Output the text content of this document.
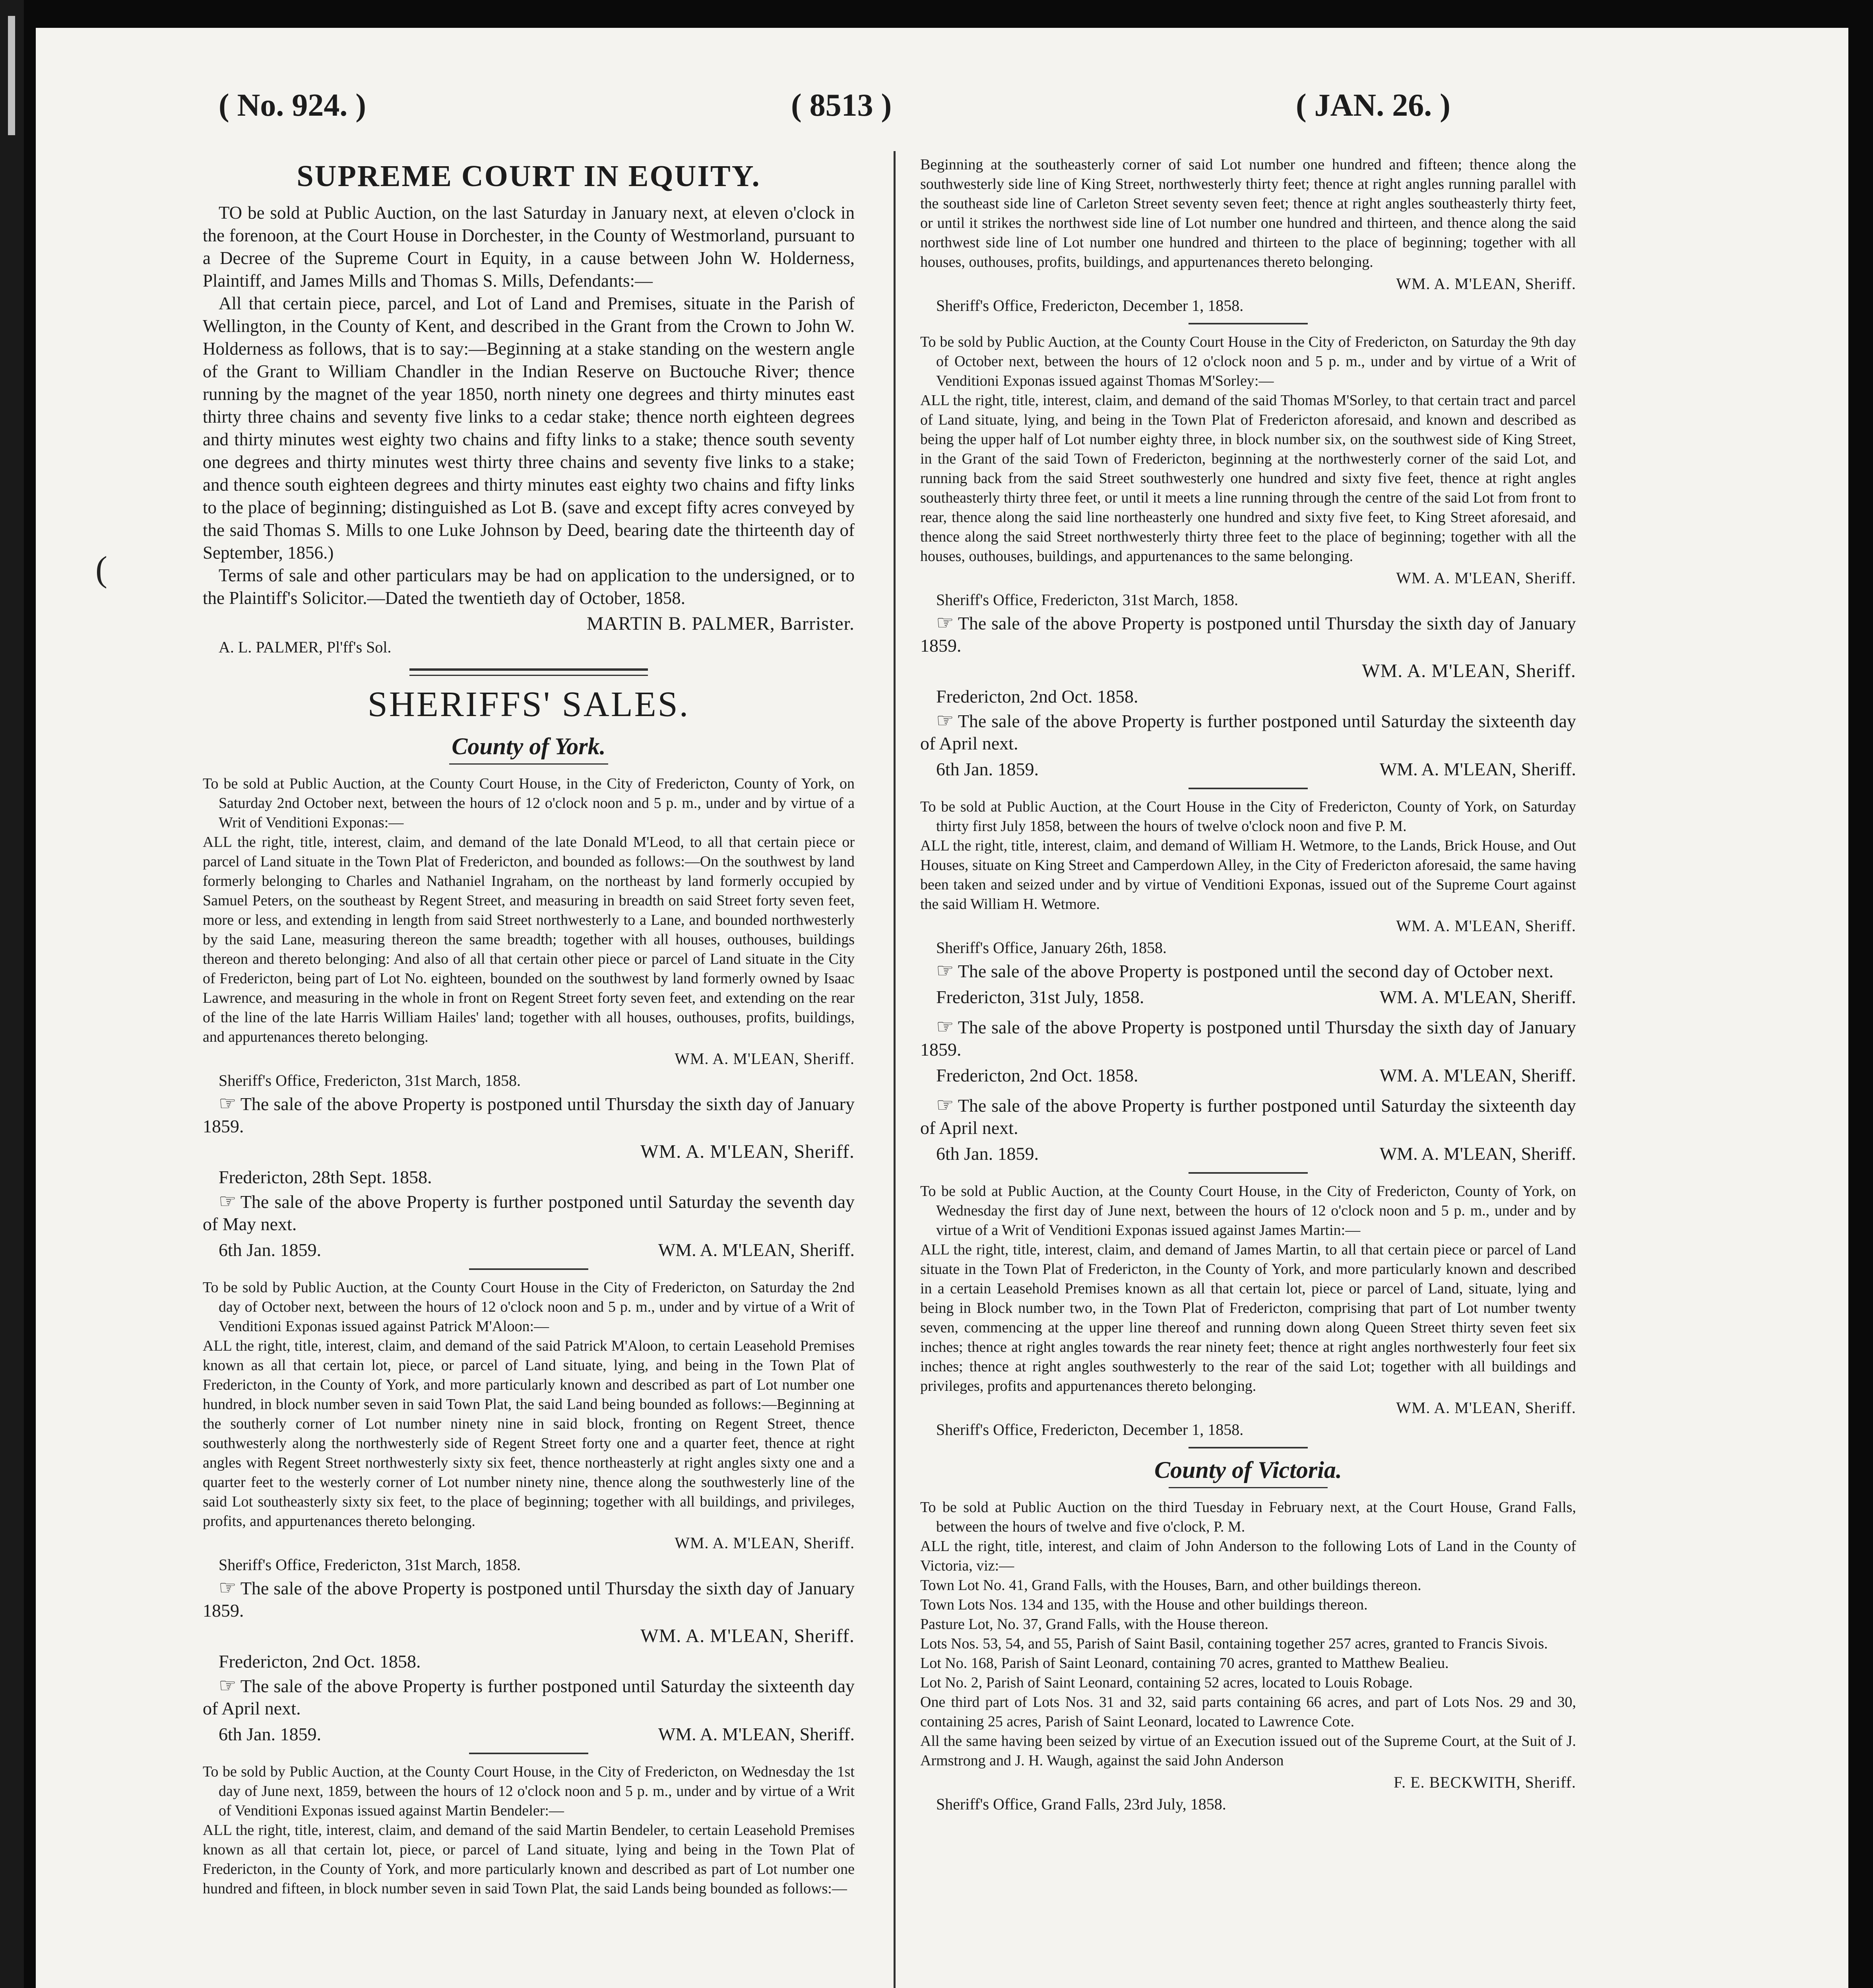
( No. 924. )	( 8513 )	( JAN. 26. )
(
SUPREME COURT IN EQUITY.

TO be sold at Public Auction, on the last Saturday in January next, at eleven o'clock in the forenoon, at the Court House in Dorchester, in the County of Westmorland, pursuant to a Decree of the Supreme Court in Equity, in a cause between John W. Holderness, Plaintiff, and James Mills and Thomas S. Mills, Defendants:—

All that certain piece, parcel, and Lot of Land and Premises, situate in the Parish of Wellington, in the County of Kent, and described in the Grant from the Crown to John W. Holderness as follows, that is to say:—Beginning at a stake standing on the western angle of the Grant to William Chandler in the Indian Reserve on Buctouche River; thence running by the magnet of the year 1850, north ninety one degrees and thirty minutes east thirty three chains and seventy five links to a cedar stake; thence north eighteen degrees and thirty minutes west eighty two chains and fifty links to a stake; thence south seventy one degrees and thirty minutes west thirty three chains and seventy five links to a stake; and thence south eighteen degrees and thirty minutes east eighty two chains and fifty links to the place of beginning; distinguished as Lot B. (save and except fifty acres conveyed by the said Thomas S. Mills to one Luke Johnson by Deed, bearing date the thirteenth day of September, 1856.)

Terms of sale and other particulars may be had on application to the undersigned, or to the Plaintiff's Solicitor.—Dated the twentieth day of October, 1858.

MARTIN B. PALMER, Barrister.
A. L. PALMER, Pl'ff's Sol.
SHERIFFS' SALES.
County of York.

To be sold at Public Auction, at the County Court House, in the City of Fredericton, County of York, on Saturday 2nd October next, between the hours of 12 o'clock noon and 5 p. m., under and by virtue of a Writ of Venditioni Exponas:—

ALL the right, title, interest, claim, and demand of the late Donald M'Leod, to all that certain piece or parcel of Land situate in the Town Plat of Fredericton, and bounded as follows:—On the southwest by land formerly belonging to Charles and Nathaniel Ingraham, on the northeast by land formerly occupied by Samuel Peters, on the southeast by Regent Street, and measuring in breadth on said Street forty seven feet, more or less, and extending in length from said Street northwesterly to a Lane, and bounded northwesterly by the said Lane, measuring thereon the same breadth; together with all houses, outhouses, buildings thereon and thereto belonging: And also of all that certain other piece or parcel of Land situate in the City of Fredericton, being part of Lot No. eighteen, bounded on the southwest by land formerly owned by Isaac Lawrence, and measuring in the whole in front on Regent Street forty seven feet, and extending on the rear of the line of the late Harris William Hailes' land; together with all houses, outhouses, profits, buildings, and appurtenances thereto belonging.

WM. A. M'LEAN, Sheriff.
Sheriff's Office, Fredericton, 31st March, 1858.

☞ The sale of the above Property is postponed until Thursday the sixth day of January 1859.

WM. A. M'LEAN, Sheriff.
Fredericton, 28th Sept. 1858.

☞ The sale of the above Property is further postponed until Saturday the seventh day of May next.

6th Jan. 1859.	WM. A. M'LEAN, Sheriff.

To be sold by Public Auction, at the County Court House in the City of Fredericton, on Saturday the 2nd day of October next, between the hours of 12 o'clock noon and 5 p. m., under and by virtue of a Writ of Venditioni Exponas issued against Patrick M'Aloon:—

ALL the right, title, interest, claim, and demand of the said Patrick M'Aloon, to certain Leasehold Premises known as all that certain lot, piece, or parcel of Land situate, lying, and being in the Town Plat of Fredericton, in the County of York, and more particularly known and described as part of Lot number one hundred, in block number seven in said Town Plat, the said Land being bounded as follows:—Beginning at the southerly corner of Lot number ninety nine in said block, fronting on Regent Street, thence southwesterly along the northwesterly side of Regent Street forty one and a quarter feet, thence at right angles with Regent Street northwesterly sixty six feet, thence northeasterly at right angles sixty one and a quarter feet to the westerly corner of Lot number ninety nine, thence along the southwesterly line of the said Lot southeasterly sixty six feet, to the place of beginning; together with all buildings, and privileges, profits, and appurtenances thereto belonging.

WM. A. M'LEAN, Sheriff.
Sheriff's Office, Fredericton, 31st March, 1858.

☞ The sale of the above Property is postponed until Thursday the sixth day of January 1859.

WM. A. M'LEAN, Sheriff.
Fredericton, 2nd Oct. 1858.

☞ The sale of the above Property is further postponed until Saturday the sixteenth day of April next.

6th Jan. 1859.	WM. A. M'LEAN, Sheriff.

To be sold by Public Auction, at the County Court House, in the City of Fredericton, on Wednesday the 1st day of June next, 1859, between the hours of 12 o'clock noon and 5 p. m., under and by virtue of a Writ of Venditioni Exponas issued against Martin Bendeler:—

ALL the right, title, interest, claim, and demand of the said Martin Bendeler, to certain Leasehold Premises known as all that certain lot, piece, or parcel of Land situate, lying and being in the Town Plat of Fredericton, in the County of York, and more particularly known and described as part of Lot number one hundred and fifteen, in block number seven in said Town Plat, the said Lands being bounded as follows:—

Beginning at the southeasterly corner of said Lot number one hundred and fifteen; thence along the southwesterly side line of King Street, northwesterly thirty feet; thence at right angles running parallel with the southeast side line of Carleton Street seventy seven feet; thence at right angles southeasterly thirty feet, or until it strikes the northwest side line of Lot number one hundred and thirteen, and thence along the said northwest side line of Lot number one hundred and thirteen to the place of beginning; together with all houses, outhouses, profits, buildings, and appurtenances thereto belonging.

WM. A. M'LEAN, Sheriff.
Sheriff's Office, Fredericton, December 1, 1858.

To be sold by Public Auction, at the County Court House in the City of Fredericton, on Saturday the 9th day of October next, between the hours of 12 o'clock noon and 5 p. m., under and by virtue of a Writ of Venditioni Exponas issued against Thomas M'Sorley:—

ALL the right, title, interest, claim, and demand of the said Thomas M'Sorley, to that certain tract and parcel of Land situate, lying, and being in the Town Plat of Fredericton aforesaid, and known and described as being the upper half of Lot number eighty three, in block number six, on the southwest side of King Street, in the Grant of the said Town of Fredericton, beginning at the northwesterly corner of the said Lot, and running back from the said Street southwesterly one hundred and sixty five feet, thence at right angles southeasterly thirty three feet, or until it meets a line running through the centre of the said Lot from front to rear, thence along the said line northeasterly one hundred and sixty five feet, to King Street aforesaid, and thence along the said Street northwesterly thirty three feet to the place of beginning; together with all the houses, outhouses, buildings, and appurtenances to the same belonging.

WM. A. M'LEAN, Sheriff.
Sheriff's Office, Fredericton, 31st March, 1858.

☞ The sale of the above Property is postponed until Thursday the sixth day of January 1859.

WM. A. M'LEAN, Sheriff.
Fredericton, 2nd Oct. 1858.

☞ The sale of the above Property is further postponed until Saturday the sixteenth day of April next.

6th Jan. 1859.	WM. A. M'LEAN, Sheriff.

To be sold at Public Auction, at the Court House in the City of Fredericton, County of York, on Saturday thirty first July 1858, between the hours of twelve o'clock noon and five P. M.

ALL the right, title, interest, claim, and demand of William H. Wetmore, to the Lands, Brick House, and Out Houses, situate on King Street and Camperdown Alley, in the City of Fredericton aforesaid, the same having been taken and seized under and by virtue of Venditioni Exponas, issued out of the Supreme Court against the said William H. Wetmore.

WM. A. M'LEAN, Sheriff.
Sheriff's Office, January 26th, 1858.

☞ The sale of the above Property is postponed until the second day of October next.

Fredericton, 31st July, 1858.	WM. A. M'LEAN, Sheriff.

☞ The sale of the above Property is postponed until Thursday the sixth day of January 1859.

Fredericton, 2nd Oct. 1858.	WM. A. M'LEAN, Sheriff.

☞ The sale of the above Property is further postponed until Saturday the sixteenth day of April next.

6th Jan. 1859.	WM. A. M'LEAN, Sheriff.

To be sold at Public Auction, at the County Court House, in the City of Fredericton, County of York, on Wednesday the first day of June next, between the hours of 12 o'clock noon and 5 p. m., under and by virtue of a Writ of Venditioni Exponas issued against James Martin:—

ALL the right, title, interest, claim, and demand of James Martin, to all that certain piece or parcel of Land situate in the Town Plat of Fredericton, in the County of York, and more particularly known and described in a certain Leasehold Premises known as all that certain lot, piece or parcel of Land, situate, lying and being in Block number two, in the Town Plat of Fredericton, comprising that part of Lot number twenty seven, commencing at the upper line thereof and running down along Queen Street thirty seven feet six inches; thence at right angles towards the rear ninety feet; thence at right angles northwesterly four feet six inches; thence at right angles southwesterly to the rear of the said Lot; together with all buildings and privileges, profits and appurtenances thereto belonging.

WM. A. M'LEAN, Sheriff.
Sheriff's Office, Fredericton, December 1, 1858.
County of Victoria.

To be sold at Public Auction on the third Tuesday in February next, at the Court House, Grand Falls, between the hours of twelve and five o'clock, P. M.

ALL the right, title, interest, and claim of John Anderson to the following Lots of Land in the County of Victoria, viz:—

Town Lot No. 41, Grand Falls, with the Houses, Barn, and other buildings thereon.

Town Lots Nos. 134 and 135, with the House and other buildings thereon.

Pasture Lot, No. 37, Grand Falls, with the House thereon.

Lots Nos. 53, 54, and 55, Parish of Saint Basil, containing together 257 acres, granted to Francis Sivois.

Lot No. 168, Parish of Saint Leonard, containing 70 acres, granted to Matthew Bealieu.

Lot No. 2, Parish of Saint Leonard, containing 52 acres, located to Louis Robage.

One third part of Lots Nos. 31 and 32, said parts containing 66 acres, and part of Lots Nos. 29 and 30, containing 25 acres, Parish of Saint Leonard, located to Lawrence Cote.

All the same having been seized by virtue of an Execution issued out of the Supreme Court, at the Suit of J. Armstrong and J. H. Waugh, against the said John Anderson

F. E. BECKWITH, Sheriff.
Sheriff's Office, Grand Falls, 23rd July, 1858.
